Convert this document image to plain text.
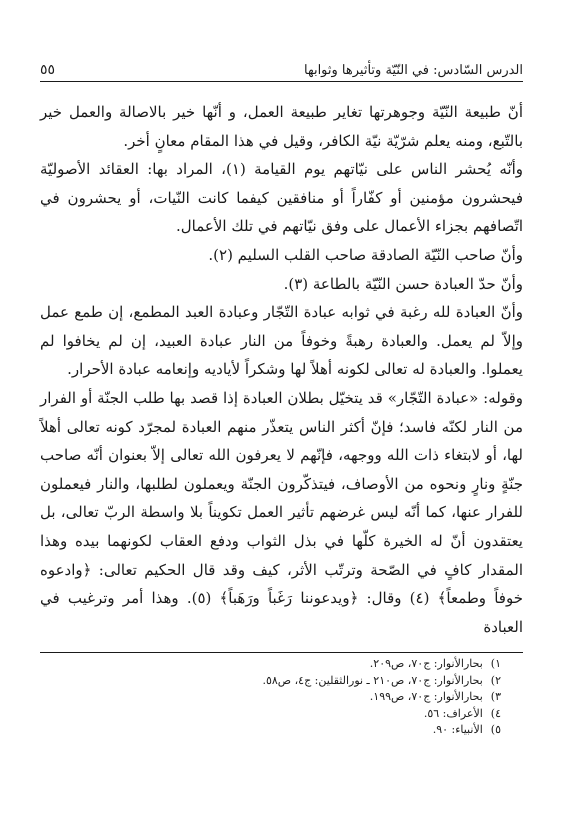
٥٥	الدرس السّادس: في النّيّة وتأثيرها وثوابها

أنّ طبيعة النّيّة وجوهرتها تغاير طبيعة العمل، و أنّها خير بالاصالة والعمل خير بالتّبع، ومنه يعلم شرّيّة نيّة الكافر، وقيل في هذا المقام معانٍ أخر.

وأنّه يُحشر الناس على نيّاتهم يوم القيامة (١)، المراد بها: العقائد الأصوليّة فيحشرون مؤمنين أو كفّاراً أو منافقين كيفما كانت النّيات، أو يحشرون في اتّصافهم بجزاء الأعمال على وفق نيّاتهم في تلك الأعمال.

وأنّ صاحب النّيّة الصادقة صاحب القلب السليم (٢).

وأنّ حدّ العبادة حسن النّيّة بالطاعة (٣).

وأنّ العبادة لله رغبة في ثوابه عبادة التّجّار وعبادة العبد المطمع، إن طمع عمل وإلاّ لم يعمل. والعبادة رهبةً وخوفاً من النار عبادة العبيد، إن لم يخافوا لم يعملوا. والعبادة له تعالى لكونه أهلاً لها وشكراً لأياديه وإنعامه عبادة الأحرار.

وقوله: «عبادة التّجّار» قد يتخيّل بطلان العبادة إذا قصد بها طلب الجنّة أو الفرار من النار لكنّه فاسد؛ فإنّ أكثر الناس يتعذّر منهم العبادة لمجرّد كونه تعالى أهلاً لها، أو لابتغاء ذات الله ووجهه، فإنّهم لا يعرفون الله تعالى إلاّ بعنوان أنّه صاحب جنّةٍ ونارٍ ونحوه من الأوصاف، فيتذكّرون الجنّة ويعملون لطلبها، والنار فيعملون للفرار عنها، كما أنّه ليس غرضهم تأثير العمل تكويناً بلا واسطة الربّ تعالى، بل يعتقدون أنّ له الخيرة كلّها في بذل الثواب ودفع العقاب لكونهما بيده وهذا المقدار كافٍ في الصّحة وترتّب الأثر، كيف وقد قال الحكيم تعالى: ﴿وادعوه خوفاً وطمعاً﴾ (٤) وقال: ﴿ويدعوننا رَغَباً ورَهَباً﴾ (٥). وهذا أمر وترغيب في العبادة

١)بحارالأنوار: ج٧٠، ص٢٠٩.
٢)بحارالأنوار: ج٧٠، ص٢١٠ ـ نورالثقلين: ج٤، ص٥٨.
٣)بحارالأنوار: ج٧٠، ص١٩٩.
٤)الأعراف: ٥٦.
٥)الأنبياء: ٩٠.
